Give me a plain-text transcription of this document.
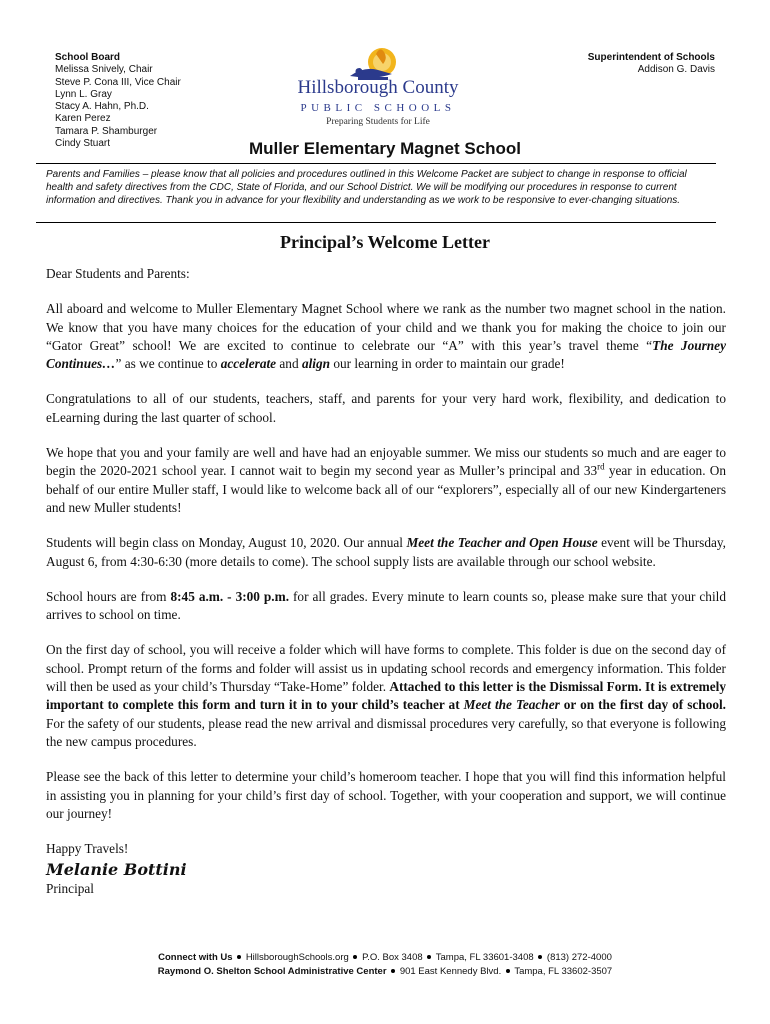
School Board
Melissa Snively, Chair
Steve P. Cona III, Vice Chair
Lynn L. Gray
Stacy A. Hahn, Ph.D.
Karen Perez
Tamara P. Shamburger
Cindy Stuart
Superintendent of Schools
Addison G. Davis
Hillsborough County
PUBLIC SCHOOLS
Preparing Students for Life
Muller Elementary Magnet School

Parents and Families – please know that all policies and procedures outlined in this Welcome Packet are subject to change in response to official health and safety directives from the CDC, State of Florida, and our School District. We will be modifying our procedures in response to current information and directives. Thank you in advance for your flexibility and understanding as we work to be responsive to ever-changing situations.

Principal’s Welcome Letter

Dear Students and Parents:

All aboard and welcome to Muller Elementary Magnet School where we rank as the number two magnet school in the nation. We know that you have many choices for the education of your child and we thank you for making the choice to join our “Gator Great” school! We are excited to continue to celebrate our “A” with this year’s travel theme “The Journey Continues…” as we continue to accelerate and align our learning in order to maintain our grade!

Congratulations to all of our students, teachers, staff, and parents for your very hard work, flexibility, and dedication to eLearning during the last quarter of school.

We hope that you and your family are well and have had an enjoyable summer. We miss our students so much and are eager to begin the 2020-2021 school year. I cannot wait to begin my second year as Muller’s principal and 33rd year in education. On behalf of our entire Muller staff, I would like to welcome back all of our “explorers”, especially all of our new Kindergarteners and new Muller students!

Students will begin class on Monday, August 10, 2020. Our annual Meet the Teacher and Open House event will be Thursday, August 6, from 4:30-6:30 (more details to come). The school supply lists are available through our school website.

School hours are from 8:45 a.m. - 3:00 p.m. for all grades. Every minute to learn counts so, please make sure that your child arrives to school on time.

On the first day of school, you will receive a folder which will have forms to complete. This folder is due on the second day of school. Prompt return of the forms and folder will assist us in updating school records and emergency information. This folder will then be used as your child’s Thursday “Take-Home” folder. Attached to this letter is the Dismissal Form. It is extremely important to complete this form and turn it in to your child’s teacher at Meet the Teacher or on the first day of school. For the safety of our students, please read the new arrival and dismissal procedures very carefully, so that everyone is following the new campus procedures.

Please see the back of this letter to determine your child’s homeroom teacher. I hope that you will find this information helpful in assisting you in planning for your child’s first day of school. Together, with your cooperation and support, we will continue our journey!

Happy Travels!

Melanie Bottini

Principal

Connect with Us HillsboroughSchools.org P.O. Box 3408 Tampa, FL 33601-3408 (813) 272-4000
Raymond O. Shelton School Administrative Center 901 East Kennedy Blvd. Tampa, FL 33602-3507
